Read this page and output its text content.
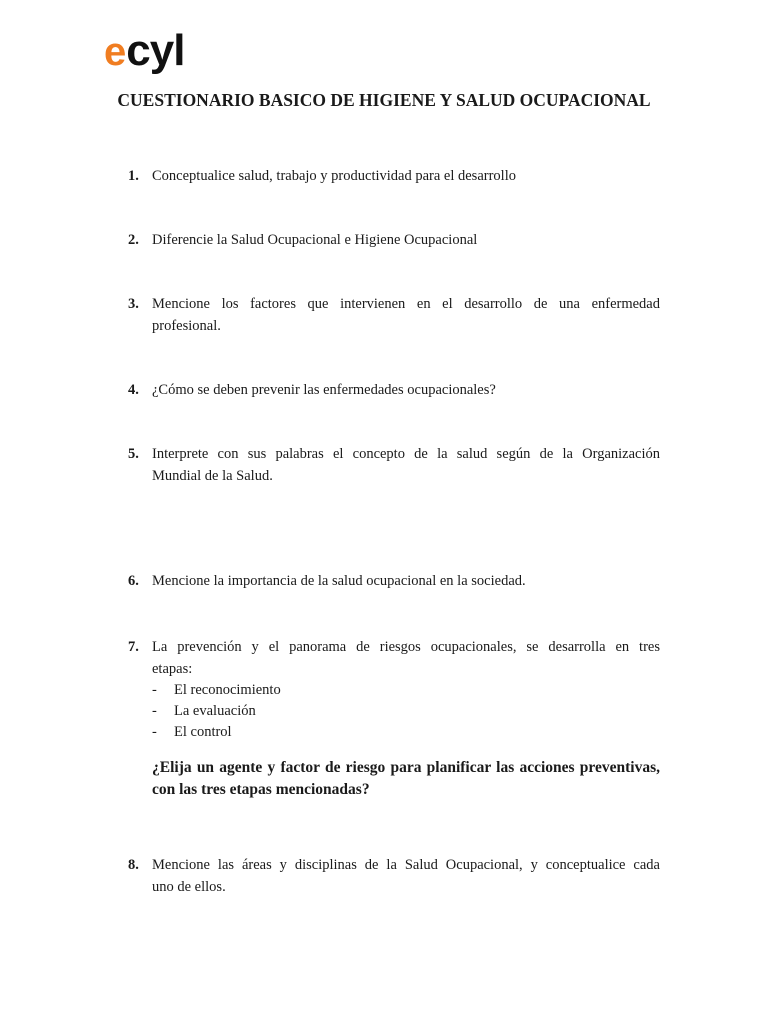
ecyl
CUESTIONARIO BASICO DE HIGIENE Y SALUD OCUPACIONAL
1. Conceptualice salud, trabajo y productividad para el desarrollo
2. Diferencie la Salud Ocupacional e Higiene Ocupacional
3. Mencione los factores que intervienen en el desarrollo de una enfermedad
profesional.
4. ¿Cómo se deben prevenir las enfermedades ocupacionales?
5. Interprete con sus palabras el concepto de la salud según de la Organización
Mundial de la Salud.
6. Mencione la importancia de la salud ocupacional en la sociedad.
7. La prevención y el panorama de riesgos ocupacionales, se desarrolla en tres
etapas:
- El reconocimiento
- La evaluación
- El control
¿Elija un agente y factor de riesgo para planificar las acciones preventivas,
con las tres etapas mencionadas?
8. Mencione las áreas y disciplinas de la Salud Ocupacional, y conceptualice cada
uno de ellos.
